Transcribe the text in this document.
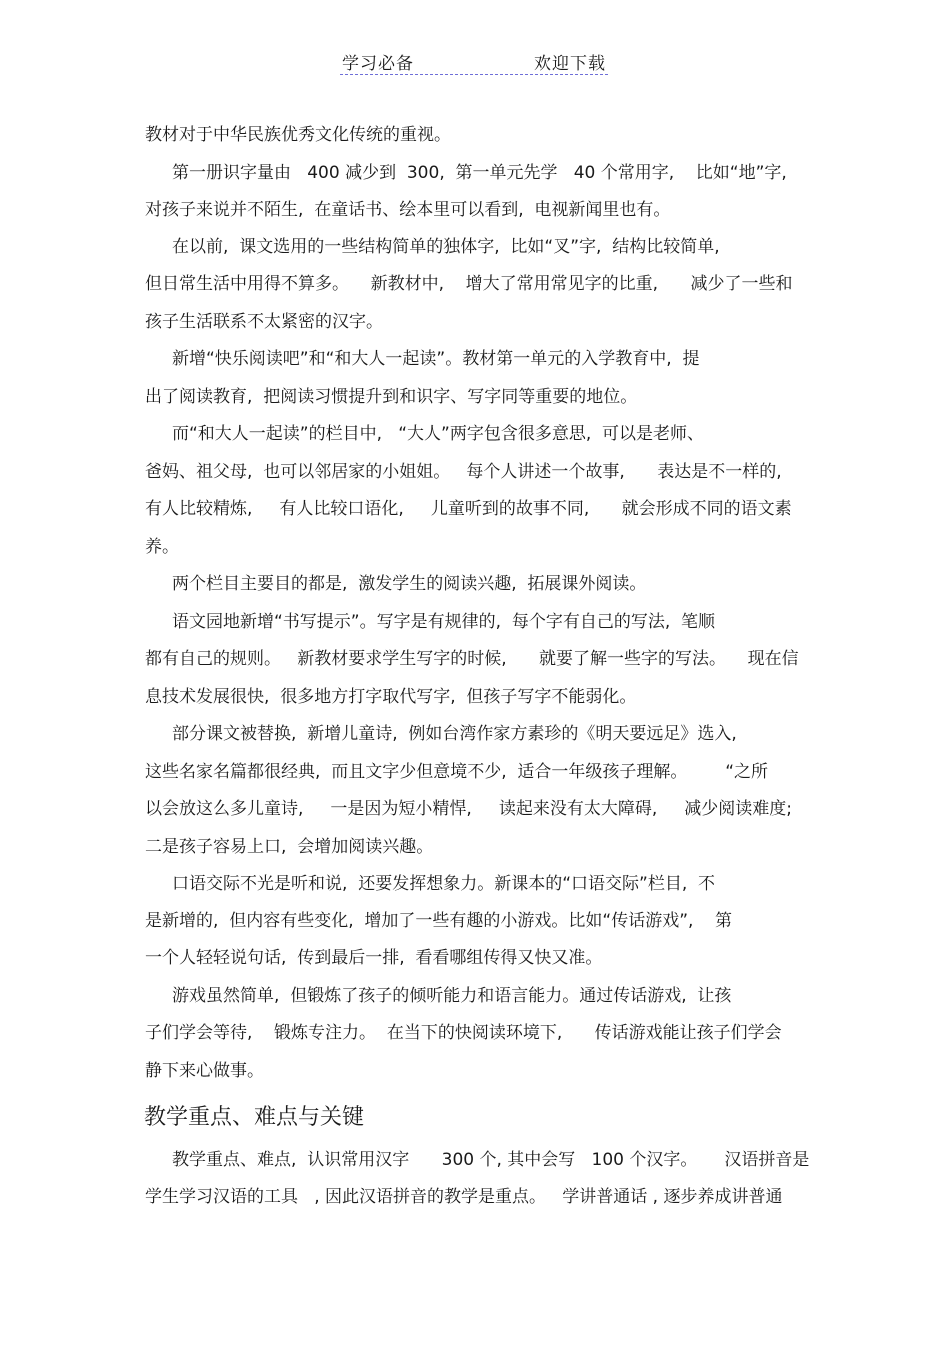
学习必备	欢迎下载
教材对于中华民族优秀文化传统的重视。
第一册识字量由   400 减少到  300,  第一单元先学   40 个常用字,    比如“地”字,
对孩子来说并不陌生,  在童话书、绘本里可以看到,  电视新闻里也有。
在以前,  课文选用的一些结构简单的独体字,  比如“叉”字,  结构比较简单,
但日常生活中用得不算多。    新教材中,    增大了常用常见字的比重,      减少了一些和
孩子生活联系不太紧密的汉字。
新增“快乐阅读吧”和“和大人一起读”。教材第一单元的入学教育中,  提
出了阅读教育,  把阅读习惯提升到和识字、写字同等重要的地位。
而“和大人一起读”的栏目中,   “大人”两字包含很多意思,  可以是老师、
爸妈、祖父母,  也可以邻居家的小姐姐。   每个人讲述一个故事,      表达是不一样的,
有人比较精炼,     有人比较口语化,     儿童听到的故事不同,      就会形成不同的语文素
养。
两个栏目主要目的都是,  激发学生的阅读兴趣,  拓展课外阅读。
语文园地新增“书写提示”。写字是有规律的,  每个字有自己的写法,  笔顺
都有自己的规则。   新教材要求学生写字的时候,      就要了解一些字的写法。    现在信
息技术发展很快,  很多地方打字取代写字,  但孩子写字不能弱化。
部分课文被替换,  新增儿童诗,  例如台湾作家方素珍的《明天要远足》选入,
这些名家名篇都很经典,  而且文字少但意境不少,  适合一年级孩子理解。       “之所
以会放这么多儿童诗,     一是因为短小精悍,     读起来没有太大障碍,     减少阅读难度;
二是孩子容易上口,  会增加阅读兴趣。
口语交际不光是听和说,  还要发挥想象力。新课本的“口语交际”栏目,  不
是新增的,  但内容有些变化,  增加了一些有趣的小游戏。比如“传话游戏”,    第
一个人轻轻说句话,  传到最后一排,  看看哪组传得又快又准。
游戏虽然简单,  但锻炼了孩子的倾听能力和语言能力。通过传话游戏,  让孩
子们学会等待,    锻炼专注力。  在当下的快阅读环境下,      传话游戏能让孩子们学会
静下来心做事。
教学重点、难点与关键
教学重点、难点,  认识常用汉字      300 个, 其中会写   100 个汉字。     汉语拼音是
学生学习汉语的工具   , 因此汉语拼音的教学是重点。   学讲普通话 , 逐步养成讲普通
